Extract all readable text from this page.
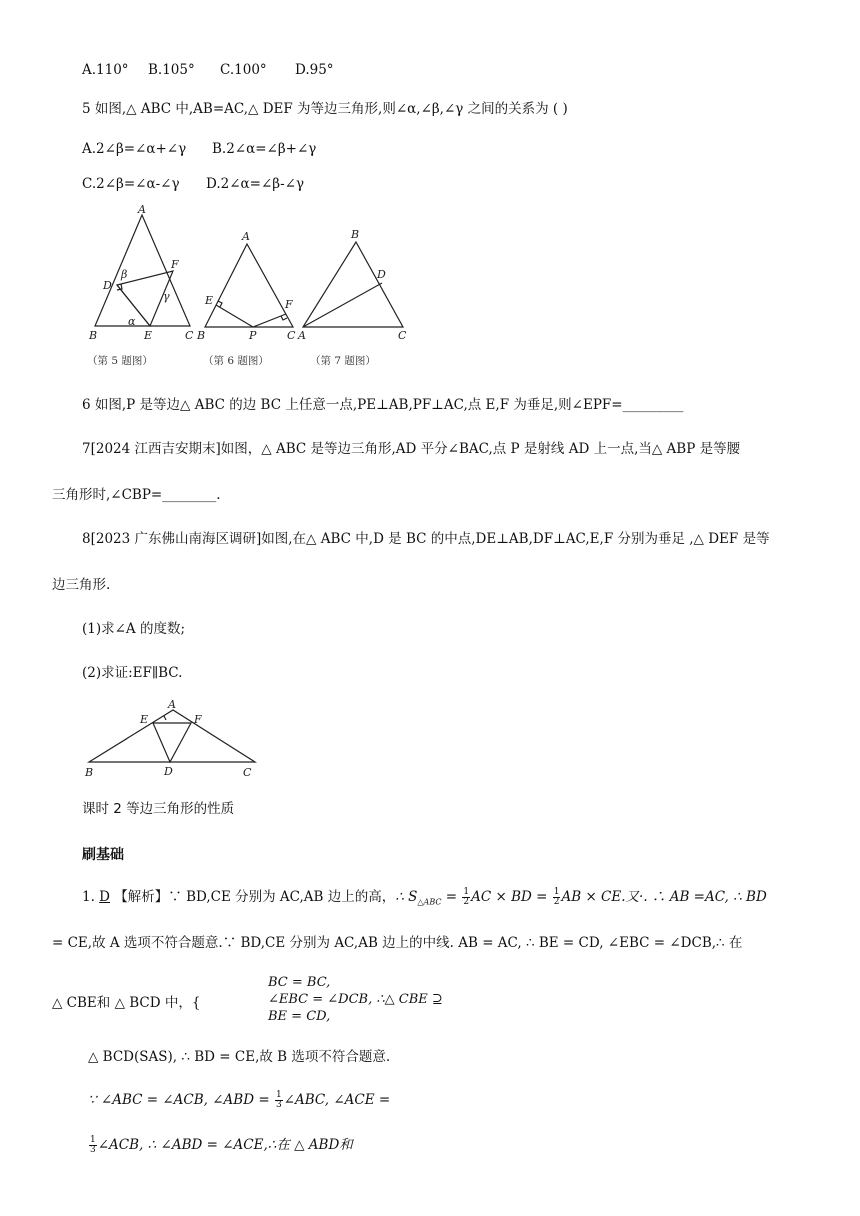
A.110° B.105° C.100° D.95°
5 如图,△ ABC 中,AB=AC,△ DEF 为等边三角形,则∠α,∠β,∠γ 之间的关系为 ( )
A.2∠β=∠α+∠γ B.2∠α=∠β+∠γ
C.2∠β=∠α-∠γ D.2∠α=∠β-∠γ
A
B	C
D
E
F
β
γ
α
A
B	C
E	F
P	A
B
C
D
（第 5 题图）	（第 6 题图）	（第 7 题图）
6 如图,P 是等边△ ABC 的边 BC 上任意一点,PE⊥AB,PF⊥AC,点 E,F 为垂足,则∠EPF=_________
7[2024 江西吉安期末]如图，△ ABC 是等边三角形,AD 平分∠BAC,点 P 是射线 AD 上一点,当△ ABP 是等腰
三角形时,∠CBP=________.
8[2023 广东佛山南海区调研]如图,在△ ABC 中,D 是 BC 的中点,DE⊥AB,DF⊥AC,E,F 分别为垂足 ,△ DEF 是等
边三角形.
(1)求∠A 的度数;
(2)求证:EF∥BC.
A
B	C
D
E	F
课时 2 等边三角形的性质
刷基础
1. D 【解析】∵ BD,CE 分别为 AC,AB 边上的高，∴ $S_{\triangle ABC} = \frac{1}{2}$ AC × BD = $\frac{1}{2}$ AB × CE.又·. ∴ AB =AC, ∴ BD
= CE,故 A 选项不符合题意.∵ BD,CE 分别为 AC,AB 边上的中线. AB = AC, ∴ BE = CD, ∠EBC = ∠DCB,∴ 在
△ CBE和 △ BCD 中，{
BC = BC,
∠EBC = ∠DCB, ∴△ CBE ⊇
BE = CD,
△ BCD(SAS), ∴ BD = CE,故 B 选项不符合题意.
∵ ∠ABC = ∠ACB, ∠ABD = $\frac{1}{3}$ ∠ABC, ∠ACE =
$\frac{1}{3}$ ∠ACB, ∴ ∠ABD = ∠ACE,∴在 △ ABD和
